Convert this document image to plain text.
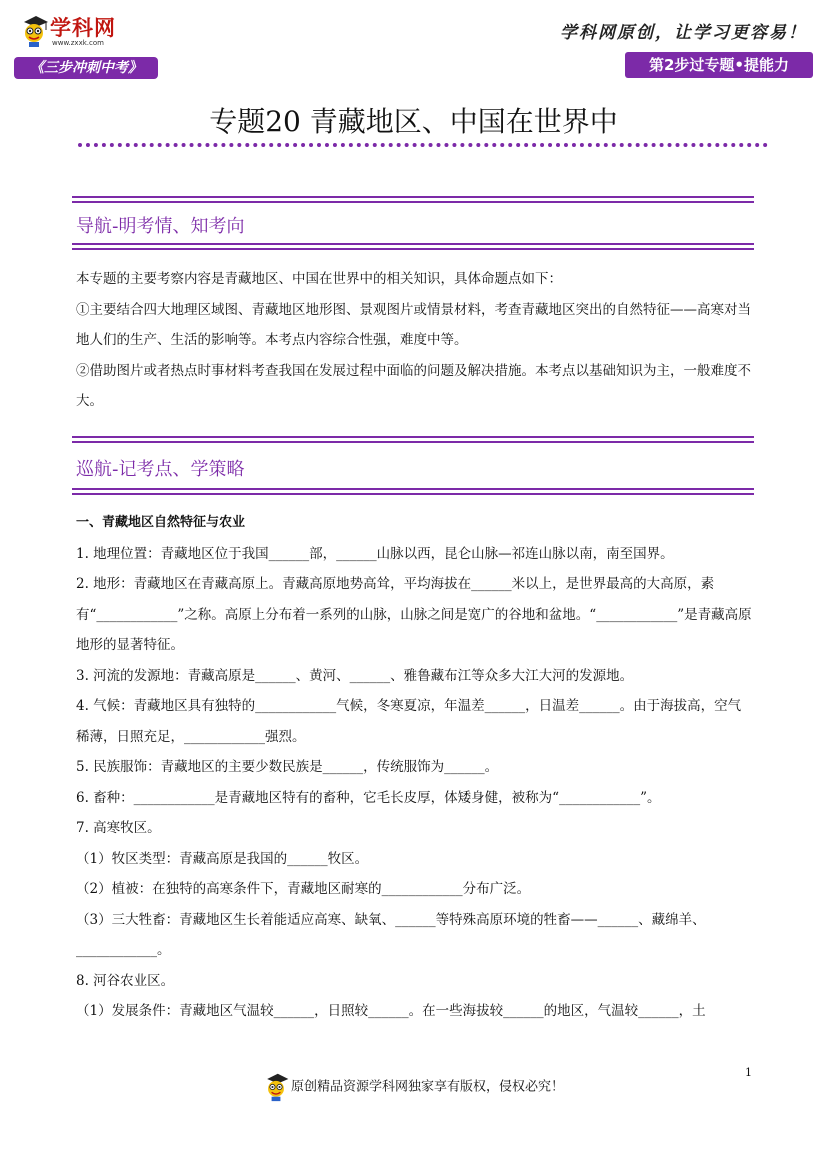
学科网
www.zxxk.com
《三步冲刺中考》
学科网原创，让学习更容易！
第2步过专题•提能力
专题20 青藏地区、中国在世界中
导航-明考情、知考向

本专题的主要考察内容是青藏地区、中国在世界中的相关知识，具体命题点如下：

①主要结合四大地理区域图、青藏地区地形图、景观图片或情景材料，考查青藏地区突出的自然特征——高寒对当地人们的生产、生活的影响等。本考点内容综合性强，难度中等。

②借助图片或者热点时事材料考查我国在发展过程中面临的问题及解决措施。本考点以基础知识为主，一般难度不大。

巡航-记考点、学策略

一、青藏地区自然特征与农业

1. 地理位置：青藏地区位于我国______部，______山脉以西，昆仑山脉—祁连山脉以南，南至国界。

2. 地形：青藏地区在青藏高原上。青藏高原地势高耸，平均海拔在______米以上，是世界最高的大高原，素有“____________”之称。高原上分布着一系列的山脉，山脉之间是宽广的谷地和盆地。“____________”是青藏高原地形的显著特征。

3. 河流的发源地：青藏高原是______、黄河、______、雅鲁藏布江等众多大江大河的发源地。

4. 气候：青藏地区具有独特的____________气候，冬寒夏凉，年温差______，日温差______。由于海拔高，空气稀薄，日照充足，____________强烈。

5. 民族服饰：青藏地区的主要少数民族是______，传统服饰为______。

6. 畜种：____________是青藏地区特有的畜种，它毛长皮厚，体矮身健，被称为“____________”。

7. 高寒牧区。

（1）牧区类型：青藏高原是我国的______牧区。

（2）植被：在独特的高寒条件下，青藏地区耐寒的____________分布广泛。

（3）三大牲畜：青藏地区生长着能适应高寒、缺氧、______等特殊高原环境的牲畜——______、藏绵羊、____________。

8. 河谷农业区。

（1）发展条件：青藏地区气温较______，日照较______。在一些海拔较______的地区，气温较______，土

1
原创精品资源学科网独家享有版权，侵权必究！
